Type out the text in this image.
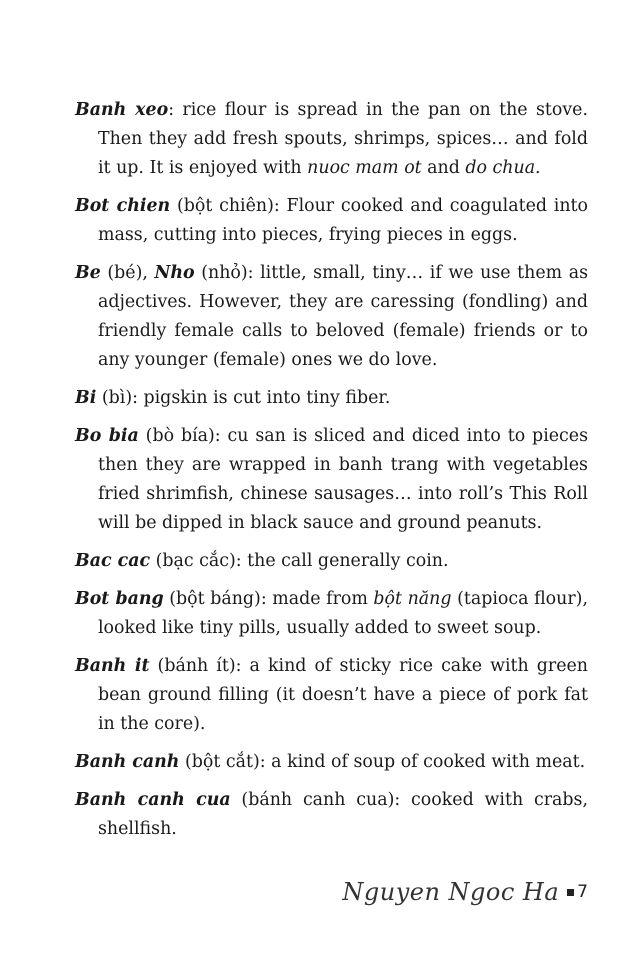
Banh xeo: rice flour is spread in the pan on the stove. Then they add fresh spouts, shrimps, spices… and fold it up. It is enjoyed with nuoc mam ot and do chua.

Bot chien (bột chiên): Flour cooked and coagulated into mass, cutting into pieces, frying pieces in eggs.

Be (bé), Nho (nhỏ): little, small, tiny… if we use them as adjectives. However, they are caressing (fondling) and friendly female calls to beloved (female) friends or to any younger (female) ones we do love.

Bi (bì): pigskin is cut into tiny fiber.

Bo bia (bò bía): cu san is sliced and diced into to pieces then they are wrapped in banh trang with vegetables fried shrimfish, chinese sausages… into roll’s This Roll will be dipped in black sauce and ground peanuts.

Bac cac (bạc cắc): the call generally coin.

Bot bang (bột báng): made from bột năng (tapioca flour), looked like tiny pills, usually added to sweet soup.

Banh it (bánh ít): a kind of sticky rice cake with green bean ground filling (it doesn’t have a piece of pork fat in the core).

Banh canh (bột cắt): a kind of soup of cooked with meat.

Banh canh cua (bánh canh cua): cooked with crabs, shellfish.

Nguyen Ngoc Ha 7
